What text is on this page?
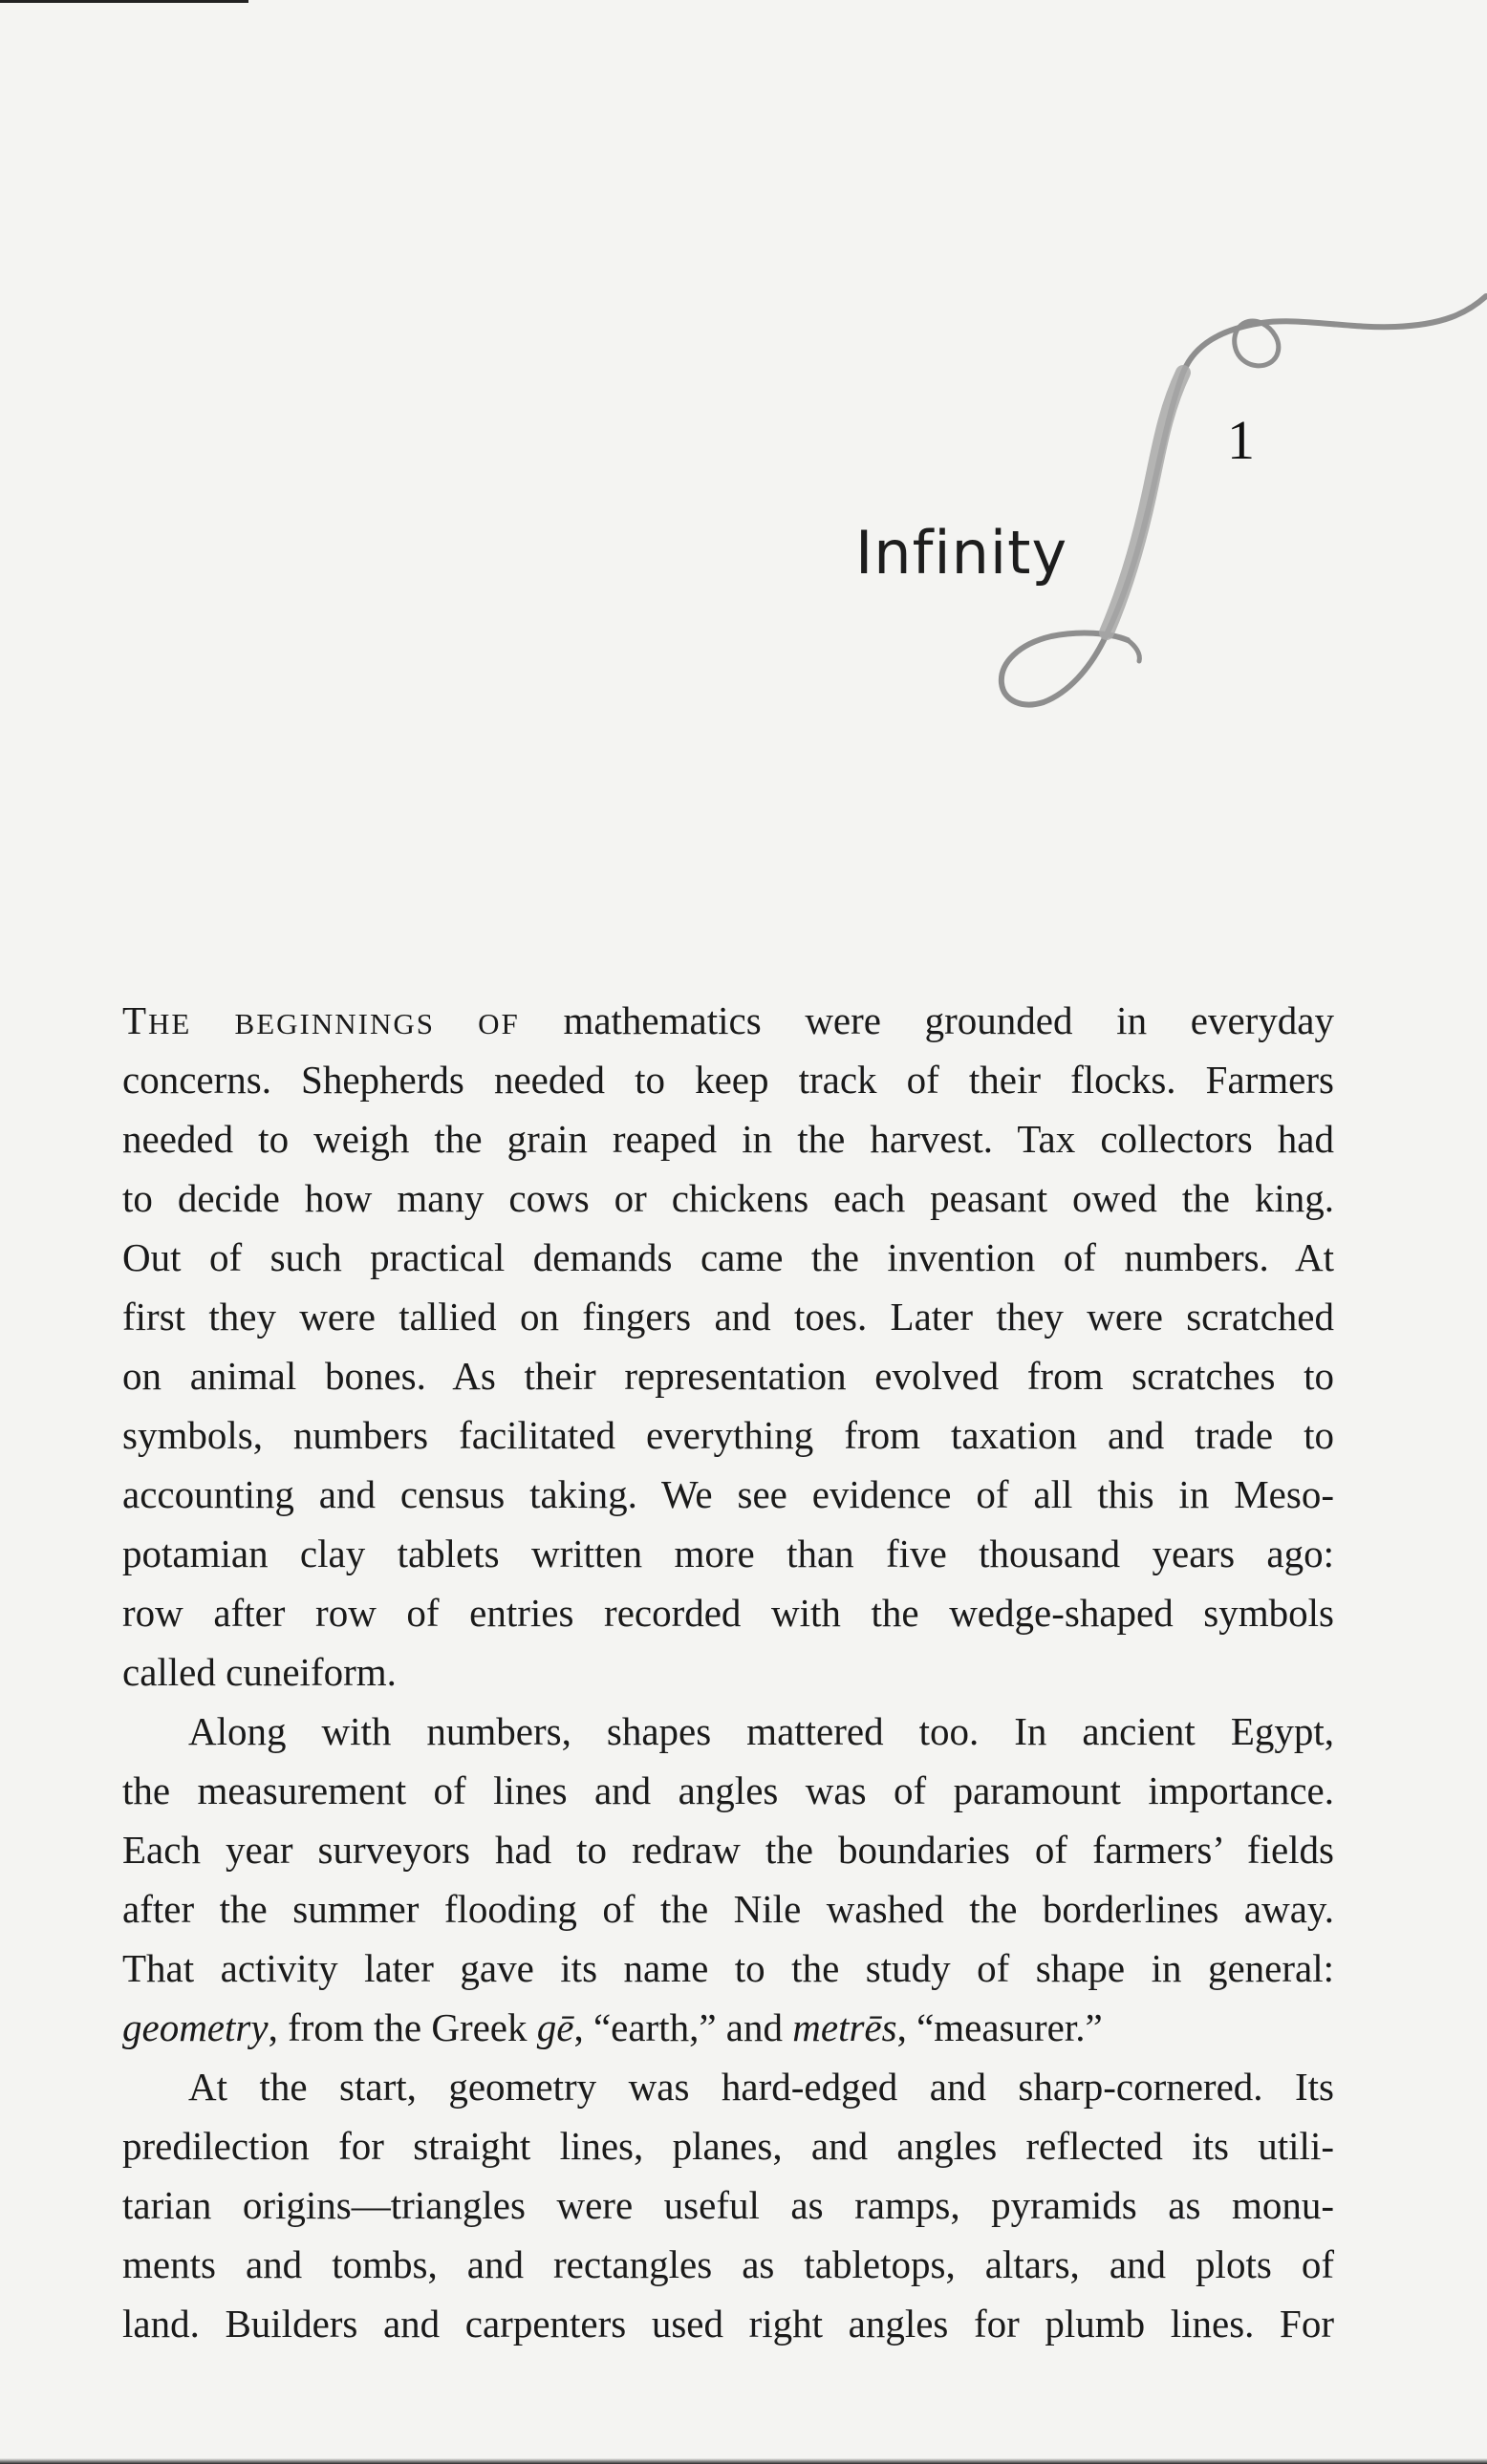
1
Infinity
THE BEGINNINGS OF mathematics were grounded in everyday
concerns. Shepherds needed to keep track of their flocks. Farmers
needed to weigh the grain reaped in the harvest. Tax collectors had
to decide how many cows or chickens each peasant owed the king.
Out of such practical demands came the invention of numbers. At
first they were tallied on fingers and toes. Later they were scratched
on animal bones. As their representation evolved from scratches to
symbols, numbers facilitated everything from taxation and trade to
accounting and census taking. We see evidence of all this in Meso-
potamian clay tablets written more than five thousand years ago:
row after row of entries recorded with the wedge-shaped symbols
called cuneiform.
Along with numbers, shapes mattered too. In ancient Egypt,
the measurement of lines and angles was of paramount importance.
Each year surveyors had to redraw the boundaries of farmers’ fields
after the summer flooding of the Nile washed the borderlines away.
That activity later gave its name to the study of shape in general:
geometry, from the Greek gē, “earth,” and metrēs, “measurer.”
At the start, geometry was hard-edged and sharp-cornered. Its
predilection for straight lines, planes, and angles reflected its utili-
tarian origins—triangles were useful as ramps, pyramids as monu-
ments and tombs, and rectangles as tabletops, altars, and plots of
land. Builders and carpenters used right angles for plumb lines. For
